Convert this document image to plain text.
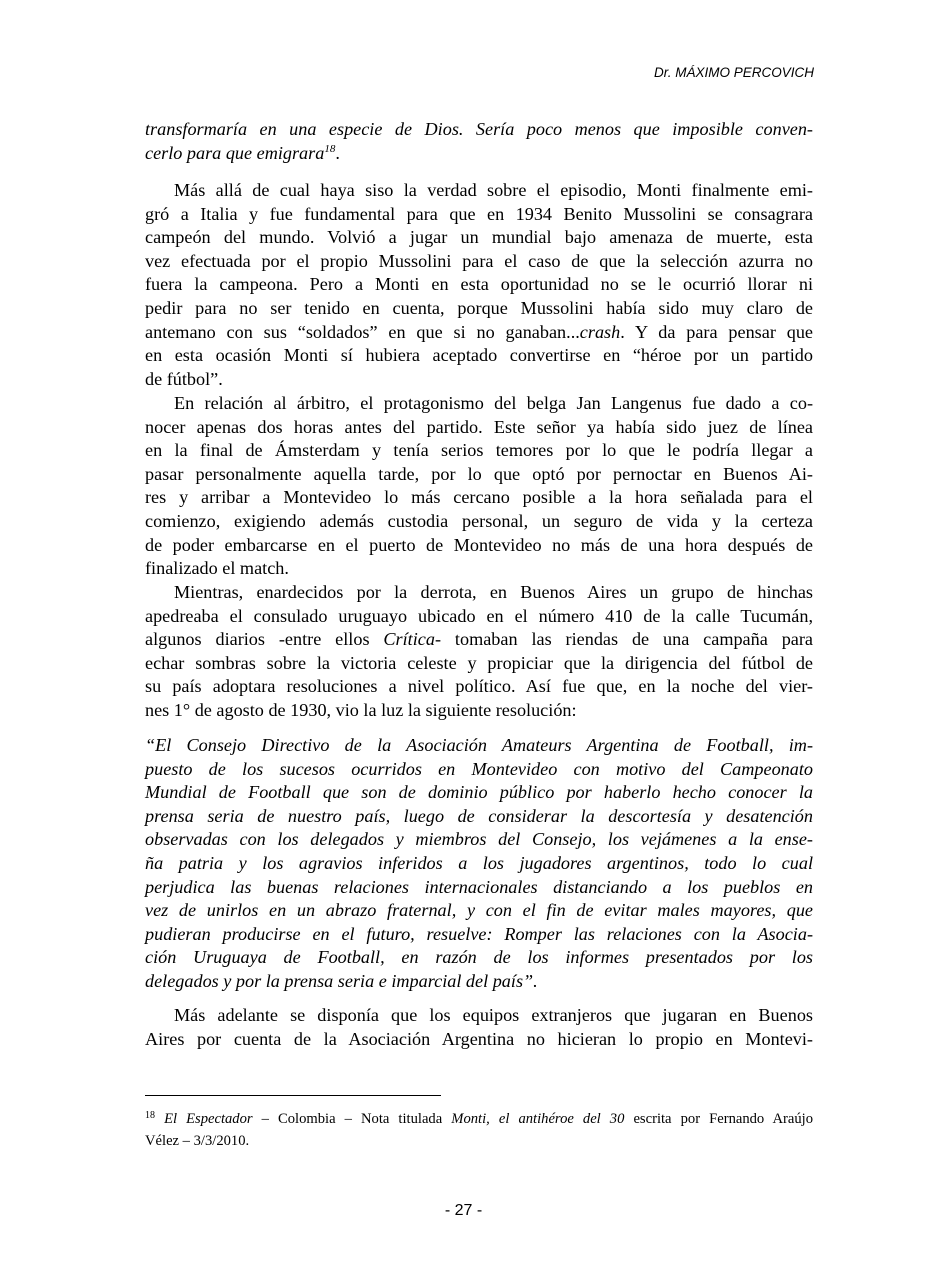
Dr. MÁXIMO PERCOVICH
transformaría en una especie de Dios. Sería poco menos que imposible conven-
cerlo para que emigrara$^{18}$.
Más allá de cual haya siso la verdad sobre el episodio, Monti finalmente emi-
gró a Italia y fue fundamental para que en 1934 Benito Mussolini se consagrara
campeón del mundo. Volvió a jugar un mundial bajo amenaza de muerte, esta
vez efectuada por el propio Mussolini para el caso de que la selección azurra no
fuera la campeona. Pero a Monti en esta oportunidad no se le ocurrió llorar ni
pedir para no ser tenido en cuenta, porque Mussolini había sido muy claro de
antemano con sus “soldados” en que si no ganaban...crash. Y da para pensar que
en esta ocasión Monti sí hubiera aceptado convertirse en “héroe por un partido
de fútbol”.
En relación al árbitro, el protagonismo del belga Jan Langenus fue dado a co-
nocer apenas dos horas antes del partido. Este señor ya había sido juez de línea
en la final de Ámsterdam y tenía serios temores por lo que le podría llegar a
pasar personalmente aquella tarde, por lo que optó por pernoctar en Buenos Ai-
res y arribar a Montevideo lo más cercano posible a la hora señalada para el
comienzo, exigiendo además custodia personal, un seguro de vida y la certeza
de poder embarcarse en el puerto de Montevideo no más de una hora después de
finalizado el match.
Mientras, enardecidos por la derrota, en Buenos Aires un grupo de hinchas
apedreaba el consulado uruguayo ubicado en el número 410 de la calle Tucumán,
algunos diarios -entre ellos Crítica- tomaban las riendas de una campaña para
echar sombras sobre la victoria celeste y propiciar que la dirigencia del fútbol de
su país adoptara resoluciones a nivel político. Así fue que, en la noche del vier-
nes 1° de agosto de 1930, vio la luz la siguiente resolución:
“El Consejo Directivo de la Asociación Amateurs Argentina de Football, im-
puesto de los sucesos ocurridos en Montevideo con motivo del Campeonato
Mundial de Football que son de dominio público por haberlo hecho conocer la
prensa seria de nuestro país, luego de considerar la descortesía y desatención
observadas con los delegados y miembros del Consejo, los vejámenes a la ense-
ña patria y los agravios inferidos a los jugadores argentinos, todo lo cual
perjudica las buenas relaciones internacionales distanciando a los pueblos en
vez de unirlos en un abrazo fraternal, y con el fin de evitar males mayores, que
pudieran producirse en el futuro, resuelve: Romper las relaciones con la Asocia-
ción Uruguaya de Football, en razón de los informes presentados por los
delegados y por la prensa seria e imparcial del país”.
Más adelante se disponía que los equipos extranjeros que jugaran en Buenos
Aires por cuenta de la Asociación Argentina no hicieran lo propio en Montevi-
$^{18}$ El Espectador – Colombia – Nota titulada Monti, el antihéroe del 30 escrita por Fernando Araújo
Vélez – 3/3/2010.
- 27 -
